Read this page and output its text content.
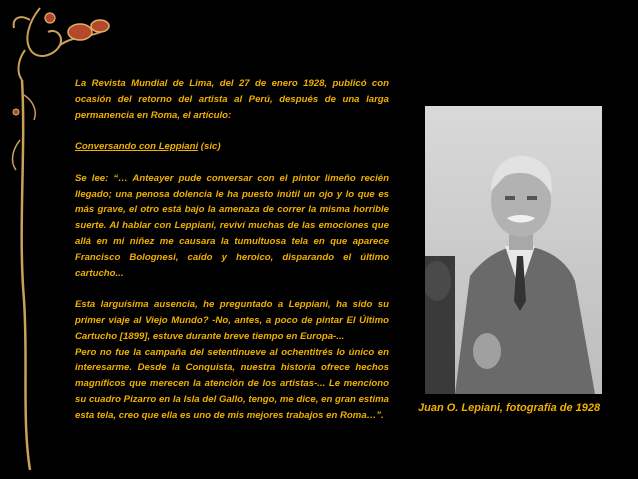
La Revista Mundial de Lima, del 27 de enero 1928, publicó con ocasión del retorno del artista al Perú, después de una larga permanencia en Roma, el artículo:

Conversando con Leppiani (sic)

Se lee: “… Anteayer pude conversar con el pintor limeño recién llegado; una penosa dolencia le ha puesto inútil un ojo y lo que es más grave, el otro está bajo la amenaza de correr la misma horrible suerte. Al hablar con Leppiani, reviví muchas de las emociones que allá en mi niñez me causara la tumultuosa tela en que aparece Francisco Bolognesi, caído y heroico, disparando el último cartucho...

Esta larguísima ausencia, he preguntado a Leppiani, ha sido su primer viaje al Viejo Mundo? -No, antes, a poco de pintar El Último Cartucho [1899], estuve durante breve tiempo en Europa-...

Pero no fue la campaña del setentinueve al ochentitrés lo único en interesarme. Desde la Conquista, nuestra historia ofrece hechos magníficos que merecen la atención de los artistas-... Le menciono su cuadro Pizarro en la Isla del Gallo, tengo, me dice, en gran estima esta tela, creo que ella es uno de mis mejores trabajos en Roma…”.

Juan O. Lepiani, fotografía de 1928
